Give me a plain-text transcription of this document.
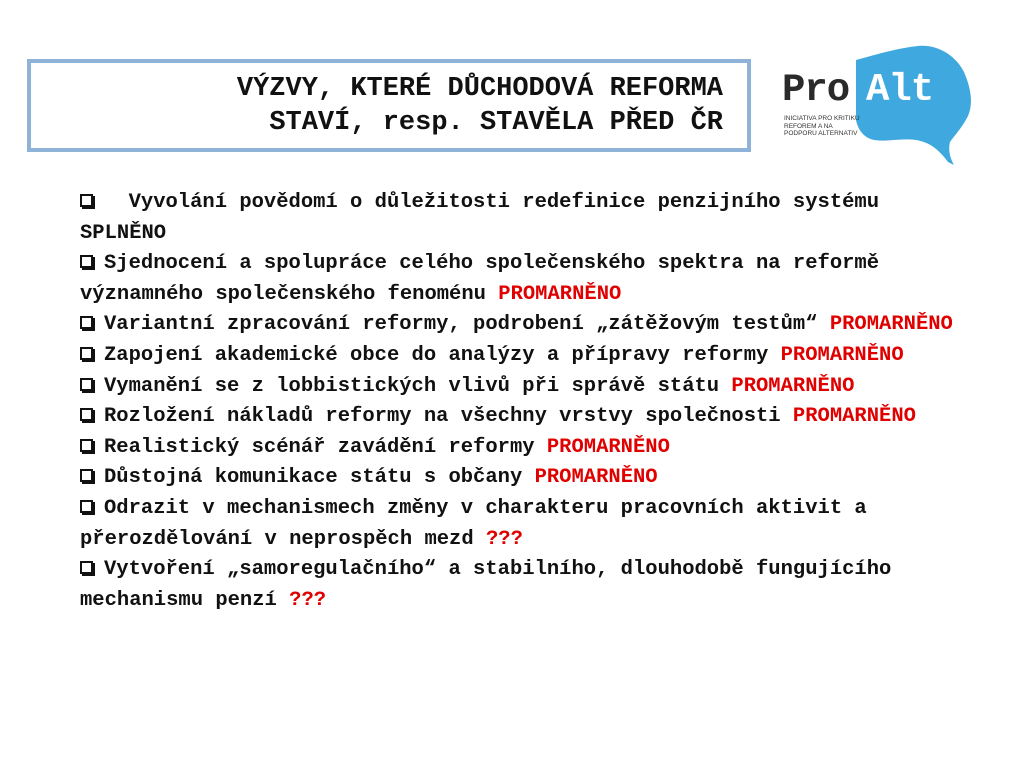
VÝZVY, KTERÉ DŮCHODOVÁ REFORMA
STAVÍ, resp. STAVĚLA PŘED ČR
Pro Alt
INICIATIVA PRO KRITIKU REFOREM A NA PODPORU ALTERNATIV

Vyvolání povědomí o důležitosti redefinice penzijního systému SPLNĚNO

Sjednocení a spolupráce celého společenského spektra na reformě významného společenského fenoménu PROMARNĚNO

Variantní zpracování reformy, podrobení „zátěžovým testům“ PROMARNĚNO

Zapojení akademické obce do analýzy a přípravy reformy PROMARNĚNO

Vymanění se z lobbistických vlivů při správě státu PROMARNĚNO

Rozložení nákladů reformy na všechny vrstvy společnosti PROMARNĚNO

Realistický scénář zavádění reformy PROMARNĚNO

Důstojná komunikace státu s občany PROMARNĚNO

Odrazit v mechanismech změny v charakteru pracovních aktivit a přerozdělování v neprospěch mezd ???

Vytvoření „samoregulačního“ a stabilního, dlouhodobě fungujícího mechanismu penzí ???
